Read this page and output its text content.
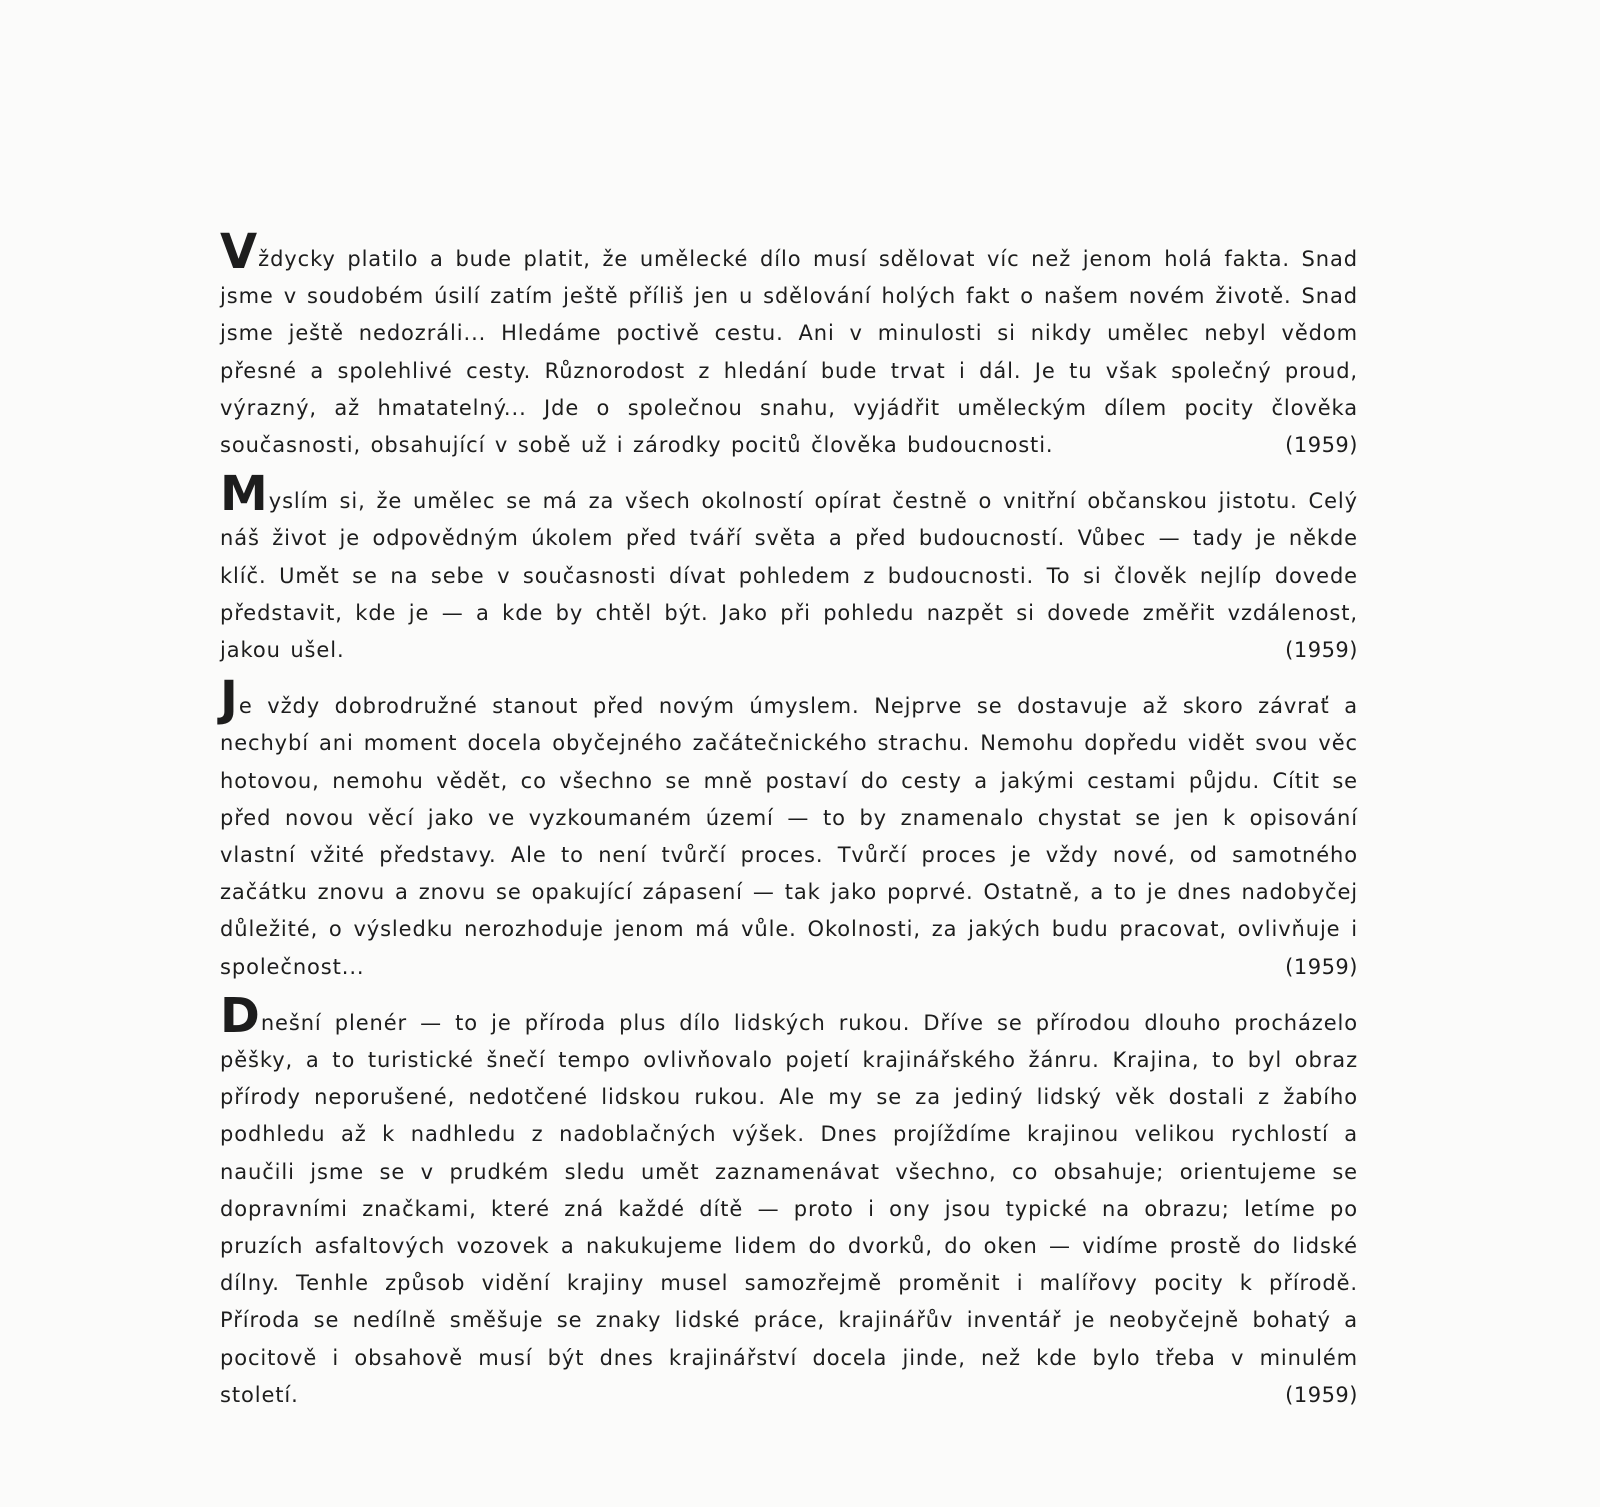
Vždycky platilo a bude platit, že umělecké dílo musí sdělovat víc než jenom holá fakta. Snad jsme v soudobém úsilí zatím ještě příliš jen u sdělování holých fakt o našem novém životě. Snad jsme ještě nedozráli... Hledáme poctivě cestu. Ani v minulosti si nikdy umělec nebyl vědom přesné a spolehlivé cesty. Různorodost z hledání bude trvat i dál. Je tu však společný proud, výrazný, až hmatatelný... Jde o společnou snahu, vyjádřit uměleckým dílem pocity člověka současnosti, obsahující v sobě už i zárodky pocitů člověka budoucnosti.	(1959)

Myslím si, že umělec se má za všech okolností opírat čestně o vnitřní občanskou jistotu. Celý náš život je odpovědným úkolem před tváří světa a před budoucností. Vůbec — tady je někde klíč. Umět se na sebe v současnosti dívat pohledem z budoucnosti. To si člověk nejlíp dovede představit, kde je — a kde by chtěl být. Jako při pohledu nazpět si dovede změřit vzdálenost, jakou ušel.	(1959)

Je vždy dobrodružné stanout před novým úmyslem. Nejprve se dostavuje až skoro závrať a nechybí ani moment docela obyčejného začátečnického strachu. Nemohu dopředu vidět svou věc hotovou, nemohu vědět, co všechno se mně postaví do cesty a jakými cestami půjdu. Cítit se před novou věcí jako ve vyzkoumaném území — to by znamenalo chystat se jen k opisování vlastní vžité představy. Ale to není tvůrčí proces. Tvůrčí proces je vždy nové, od samotného začátku znovu a znovu se opakující zápasení — tak jako poprvé. Ostatně, a to je dnes nadobyčej důležité, o výsledku nerozhoduje jenom má vůle. Okolnosti, za jakých budu pracovat, ovlivňuje i společnost...	(1959)

Dnešní plenér — to je příroda plus dílo lidských rukou. Dříve se přírodou dlouho procházelo pěšky, a to turistické šnečí tempo ovlivňovalo pojetí krajinářského žánru. Krajina, to byl obraz přírody neporušené, nedotčené lidskou rukou. Ale my se za jediný lidský věk dostali z žabího podhledu až k nadhledu z nadoblačných výšek. Dnes projíždíme krajinou velikou rychlostí a naučili jsme se v prudkém sledu umět zaznamenávat všechno, co obsahuje; orientujeme se dopravními značkami, které zná každé dítě — proto i ony jsou typické na obrazu; letíme po pruzích asfaltových vozovek a nakukujeme lidem do dvorků, do oken — vidíme prostě do lidské dílny. Tenhle způsob vidění krajiny musel samozřejmě proměnit i malířovy pocity k přírodě. Příroda se nedílně směšuje se znaky lidské práce, krajinářův inventář je neobyčejně bohatý a pocitově i obsahově musí být dnes krajinářství docela jinde, než kde bylo třeba v minulém století.	(1959)
